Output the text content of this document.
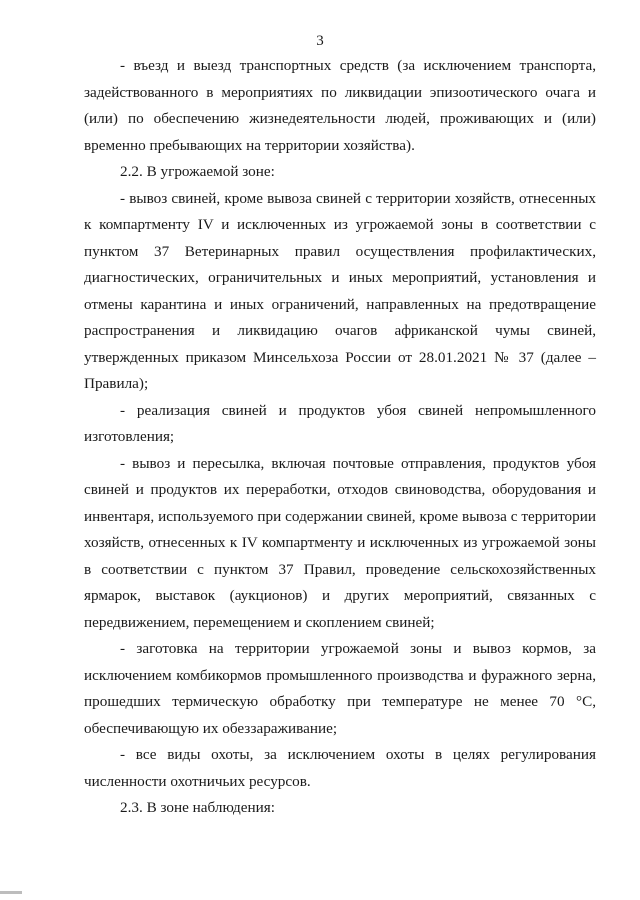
3

- въезд и выезд транспортных средств (за исключением транспорта, задействованного в мероприятиях по ликвидации эпизоотического очага и (или) по обеспечению жизнедеятельности людей, проживающих и (или) временно пребывающих на территории хозяйства).

2.2. В угрожаемой зоне:

- вывоз свиней, кроме вывоза свиней с территории хозяйств, отнесенных к компартменту IV и исключенных из угрожаемой зоны в соответствии с пунктом 37 Ветеринарных правил осуществления профилактических, диагностических, ограничительных и иных мероприятий, установления и отмены карантина и иных ограничений, направленных на предотвращение распространения и ликвидацию очагов африканской чумы свиней, утвержденных приказом Минсельхоза России от 28.01.2021 № 37 (далее – Правила);

- реализация свиней и продуктов убоя свиней непромышленного изготовления;

- вывоз и пересылка, включая почтовые отправления, продуктов убоя свиней и продуктов их переработки, отходов свиноводства, оборудования и инвентаря, используемого при содержании свиней, кроме вывоза с территории хозяйств, отнесенных к IV компартменту и исключенных из угрожаемой зоны в соответствии с пунктом 37 Правил, проведение сельскохозяйственных ярмарок, выставок (аукционов) и других мероприятий, связанных с передвижением, перемещением и скоплением свиней;

- заготовка на территории угрожаемой зоны и вывоз кормов, за исключением комбикормов промышленного производства и фуражного зерна, прошедших термическую обработку при температуре не менее 70 °С, обеспечивающую их обеззараживание;

- все виды охоты, за исключением охоты в целях регулирования численности охотничьих ресурсов.

2.3. В зоне наблюдения:
